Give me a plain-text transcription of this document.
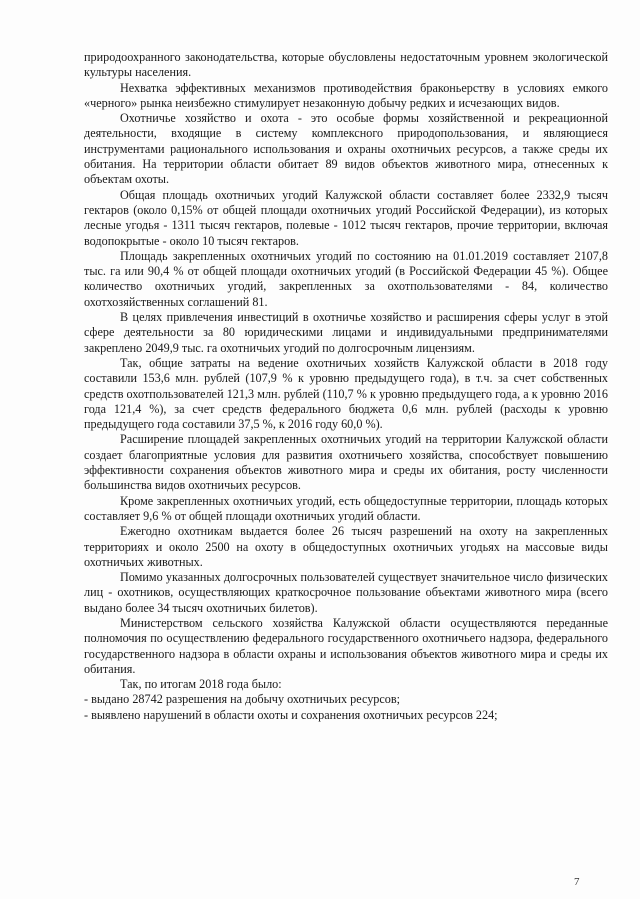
природоохранного законодательства, которые обусловлены недостаточным уровнем экологической культуры населения.

Нехватка эффективных механизмов противодействия браконьерству в условиях емкого «черного» рынка неизбежно стимулирует незаконную добычу редких и исчезающих видов.

Охотничье хозяйство и охота - это особые формы хозяйственной и рекреационной деятельности, входящие в систему комплексного природопользования, и являющиеся инструментами рационального использования и охраны охотничьих ресурсов, а также среды их обитания. На территории области обитает 89 видов объектов животного мира, отнесенных к объектам охоты.

Общая площадь охотничьих угодий Калужской области составляет более 2332,9 тысяч гектаров (около 0,15% от общей площади охотничьих угодий Российской Федерации), из которых лесные угодья - 1311 тысяч гектаров, полевые - 1012 тысяч гектаров, прочие территории, включая водопокрытые - около 10 тысяч гектаров.

Площадь закрепленных охотничьих угодий по состоянию на 01.01.2019 составляет 2107,8 тыс. га или 90,4 % от общей площади охотничьих угодий (в Российской Федерации 45 %). Общее количество охотничьих угодий, закрепленных за охотпользователями - 84, количество охотхозяйственных соглашений 81.

В целях привлечения инвестиций в охотничье хозяйство и расширения сферы услуг в этой сфере деятельности за 80 юридическими лицами и индивидуальными предпринимателями закреплено 2049,9 тыс. га охотничьих угодий по долгосрочным лицензиям.

Так, общие затраты на ведение охотничьих хозяйств Калужской области в 2018 году составили 153,6 млн. рублей (107,9 % к уровню предыдущего года), в т.ч. за счет собственных средств охотпользователей 121,3 млн. рублей (110,7 % к уровню предыдущего года, а к уровню 2016 года 121,4 %), за счет средств федерального бюджета 0,6 млн. рублей (расходы к уровню предыдущего года составили 37,5 %, к 2016 году 60,0 %).

Расширение площадей закрепленных охотничьих угодий на территории Калужской области создает благоприятные условия для развития охотничьего хозяйства, способствует повышению эффективности сохранения объектов животного мира и среды их обитания, росту численности большинства видов охотничьих ресурсов.

Кроме закрепленных охотничьих угодий, есть общедоступные территории, площадь которых составляет 9,6 % от общей площади охотничьих угодий области.

Ежегодно охотникам выдается более 26 тысяч разрешений на охоту на закрепленных территориях и около 2500 на охоту в общедоступных охотничьих угодьях на массовые виды охотничьих животных.

Помимо указанных долгосрочных пользователей существует значительное число физических лиц - охотников, осуществляющих краткосрочное пользование объектами животного мира (всего выдано более 34 тысяч охотничьих билетов).

Министерством сельского хозяйства Калужской области осуществляются переданные полномочия по осуществлению федерального государственного охотничьего надзора, федерального государственного надзора в области охраны и использования объектов животного мира и среды их обитания.

Так, по итогам 2018 года было:

- выдано 28742 разрешения на добычу охотничьих ресурсов;

- выявлено нарушений в области охоты и сохранения охотничьих ресурсов 224;

7
